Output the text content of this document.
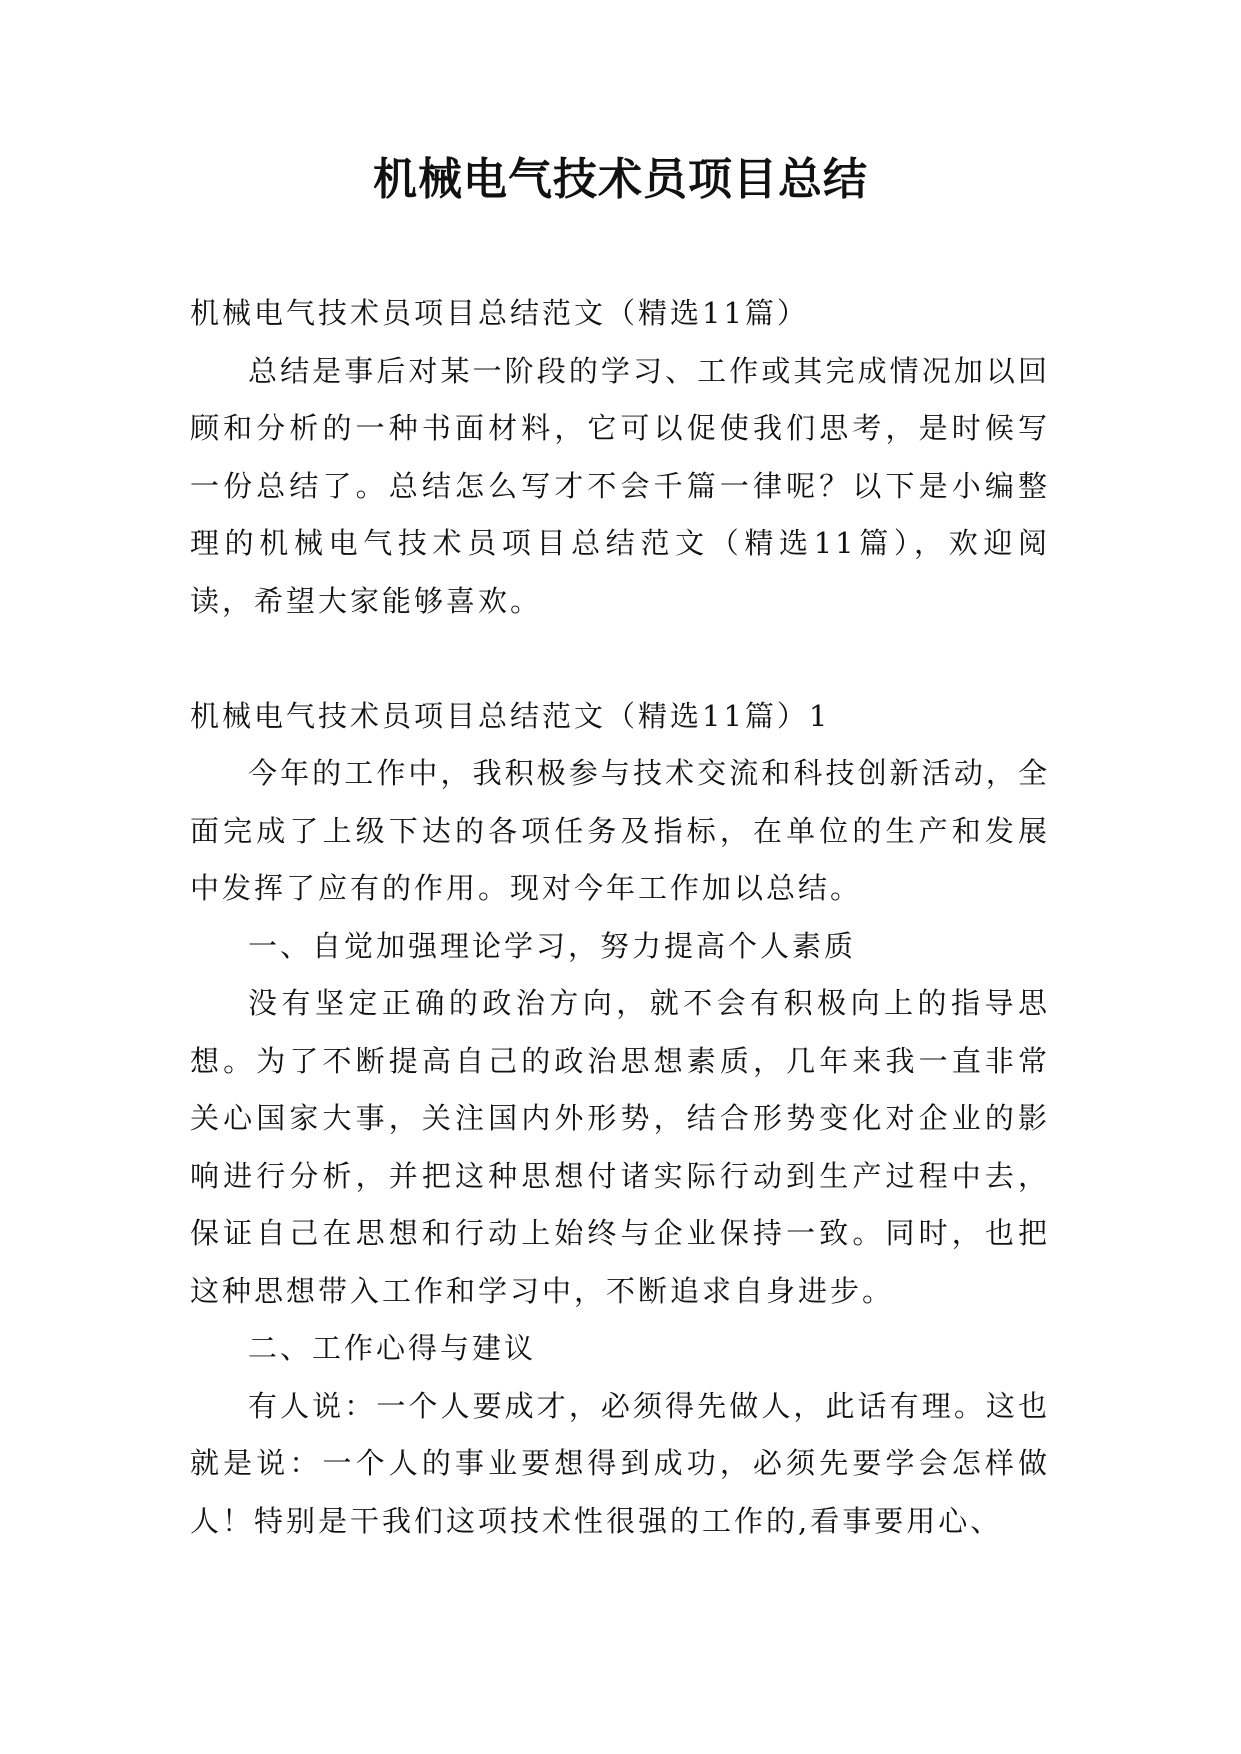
机械电气技术员项目总结

机械电气技术员项目总结范文（精选11篇）

总结是事后对某一阶段的学习、工作或其完成情况加以回顾和分析的一种书面材料，它可以促使我们思考，是时候写一份总结了。总结怎么写才不会千篇一律呢？以下是小编整理的机械电气技术员项目总结范文（精选11篇），欢迎阅读，希望大家能够喜欢。

机械电气技术员项目总结范文（精选11篇）1

今年的工作中，我积极参与技术交流和科技创新活动，全面完成了上级下达的各项任务及指标，在单位的生产和发展中发挥了应有的作用。现对今年工作加以总结。

一、自觉加强理论学习，努力提高个人素质

没有坚定正确的政治方向，就不会有积极向上的指导思想。为了不断提高自己的政治思想素质，几年来我一直非常关心国家大事，关注国内外形势，结合形势变化对企业的影响进行分析，并把这种思想付诸实际行动到生产过程中去，保证自己在思想和行动上始终与企业保持一致。同时，也把这种思想带入工作和学习中，不断追求自身进步。

二、工作心得与建议

有人说：一个人要成才，必须得先做人，此话有理。这也就是说：一个人的事业要想得到成功，必须先要学会怎样做人！特别是干我们这项技术性很强的工作的,看事要用心、
